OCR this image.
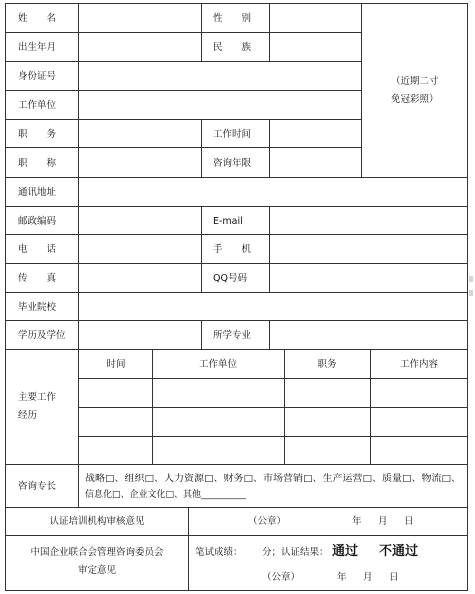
姓　　名	性　　别
出生年月	民　　族
身份证号
工作单位
（近期二寸
免冠彩照）
职　　务	工作时间
职　　称	咨询年限
通讯地址
邮政编码	E-mail
电　　话	手　　机
传　　真	QQ号码
毕业院校
学历及学位	所学专业
主要工作
经历
时间	工作单位	职务	工作内容
咨询专长
战略□、组织□、人力资源□、财务□、市场营销□、生产运营□、质量□、物流□、
信息化□、企业文化□、其他__________
认证培训机构审核意见	（公章）	年 月 日
中国企业联合会管理咨询委员会
审定意见
笔试成绩： 分；认证结果： 通过 不通过
（公章）	年 月 日
